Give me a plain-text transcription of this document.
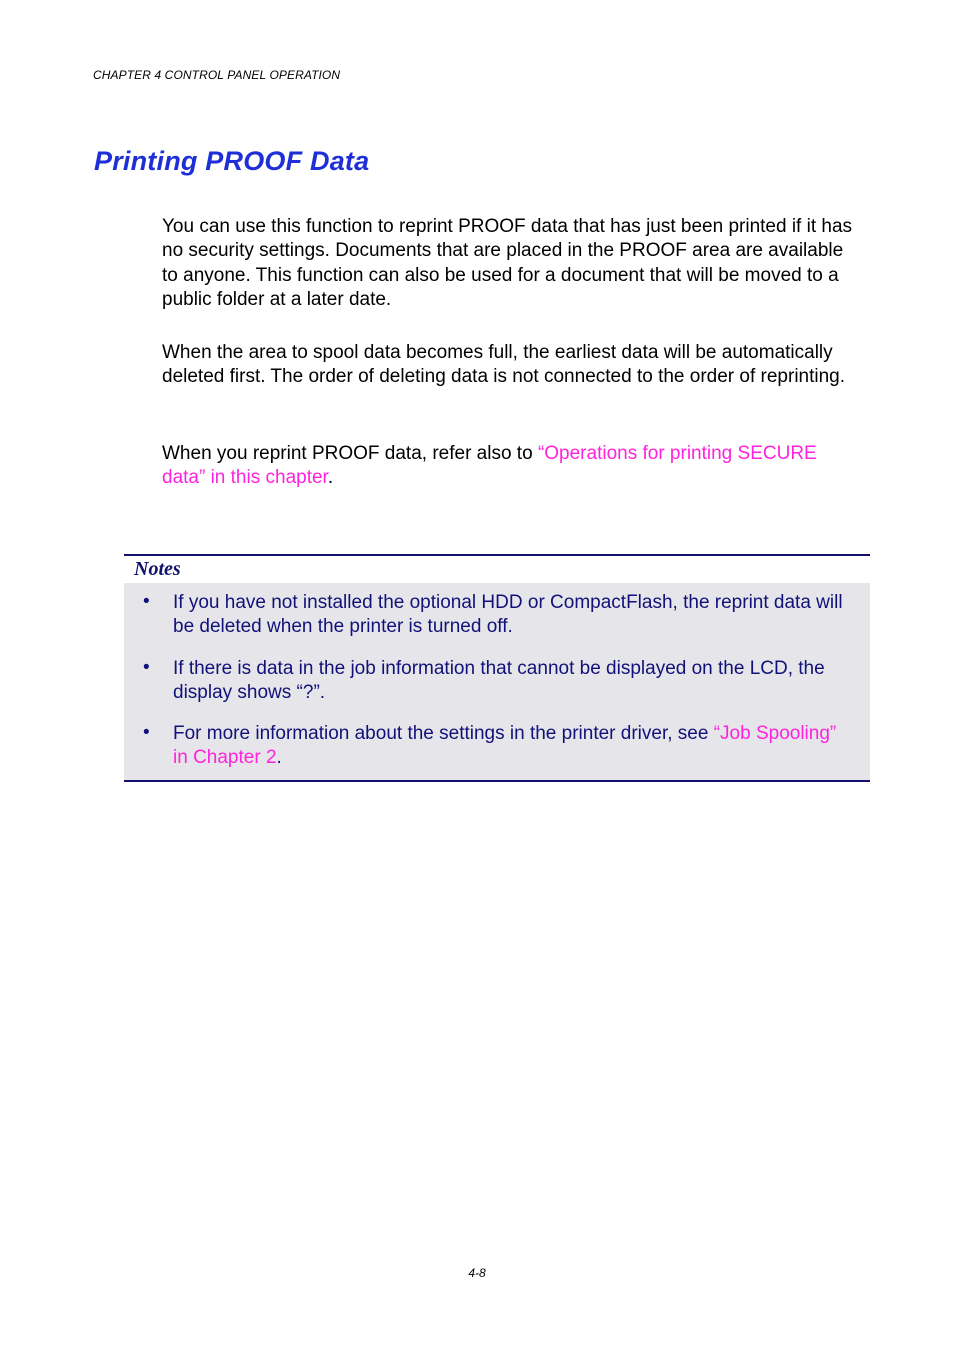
CHAPTER 4 CONTROL PANEL OPERATION
Printing PROOF Data

You can use this function to reprint PROOF data that has just been printed if it has no security settings. Documents that are placed in the PROOF area are available to anyone. This function can also be used for a document that will be moved to a public folder at a later date.

When the area to spool data becomes full, the earliest data will be automatically deleted first. The order of deleting data is not connected to the order of reprinting.

When you reprint PROOF data, refer also to “Operations for printing SECURE data” in this chapter.

Notes
• If you have not installed the optional HDD or CompactFlash, the reprint data will be deleted when the printer is turned off.
• If there is data in the job information that cannot be displayed on the LCD, the display shows “?”.
• For more information about the settings in the printer driver, see “Job Spooling” in Chapter 2.
4-8
